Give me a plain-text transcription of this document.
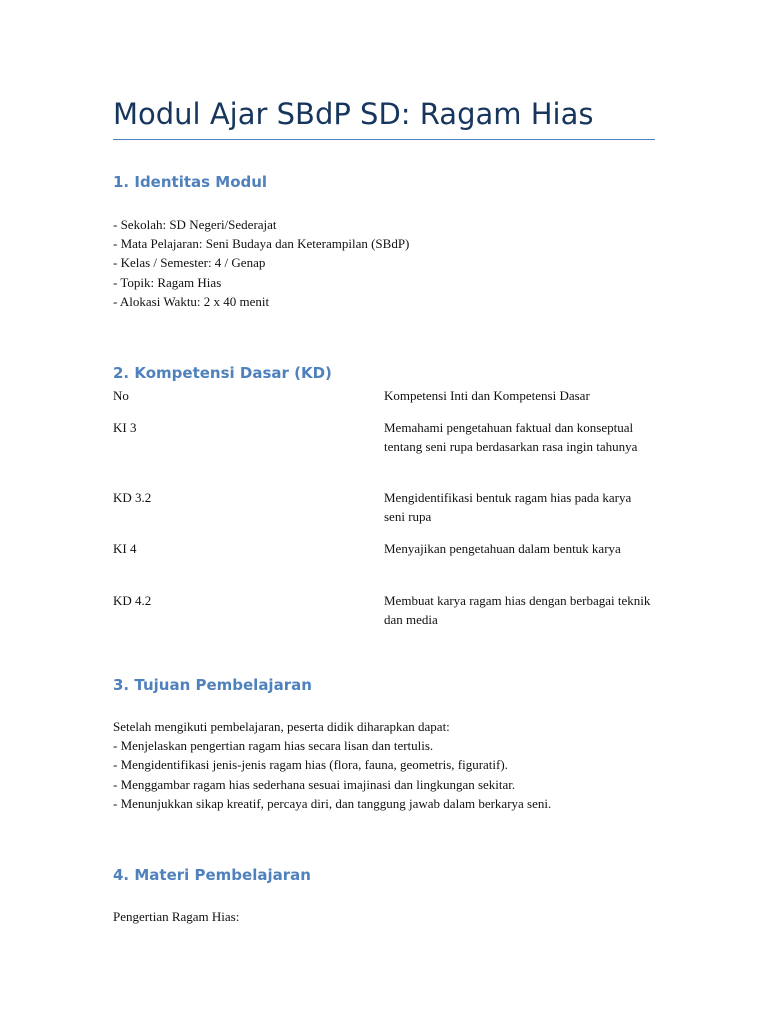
Modul Ajar SBdP SD: Ragam Hias
1. Identitas Modul
- Sekolah: SD Negeri/Sederajat
- Mata Pelajaran: Seni Budaya dan Keterampilan (SBdP)
- Kelas / Semester: 4 / Genap
- Topik: Ragam Hias
- Alokasi Waktu: 2 x 40 menit
2. Kompetensi Dasar (KD)
No	Kompetensi Inti dan Kompetensi Dasar
KI 3	Memahami pengetahuan faktual dan konseptual tentang seni rupa berdasarkan rasa ingin tahunya
KD 3.2	Mengidentifikasi bentuk ragam hias pada karya seni rupa
KI 4	Menyajikan pengetahuan dalam bentuk karya
KD 4.2	Membuat karya ragam hias dengan berbagai teknik dan media
3. Tujuan Pembelajaran
Setelah mengikuti pembelajaran, peserta didik diharapkan dapat:
- Menjelaskan pengertian ragam hias secara lisan dan tertulis.
- Mengidentifikasi jenis-jenis ragam hias (flora, fauna, geometris, figuratif).
- Menggambar ragam hias sederhana sesuai imajinasi dan lingkungan sekitar.
- Menunjukkan sikap kreatif, percaya diri, dan tanggung jawab dalam berkarya seni.
4. Materi Pembelajaran
Pengertian Ragam Hias:
